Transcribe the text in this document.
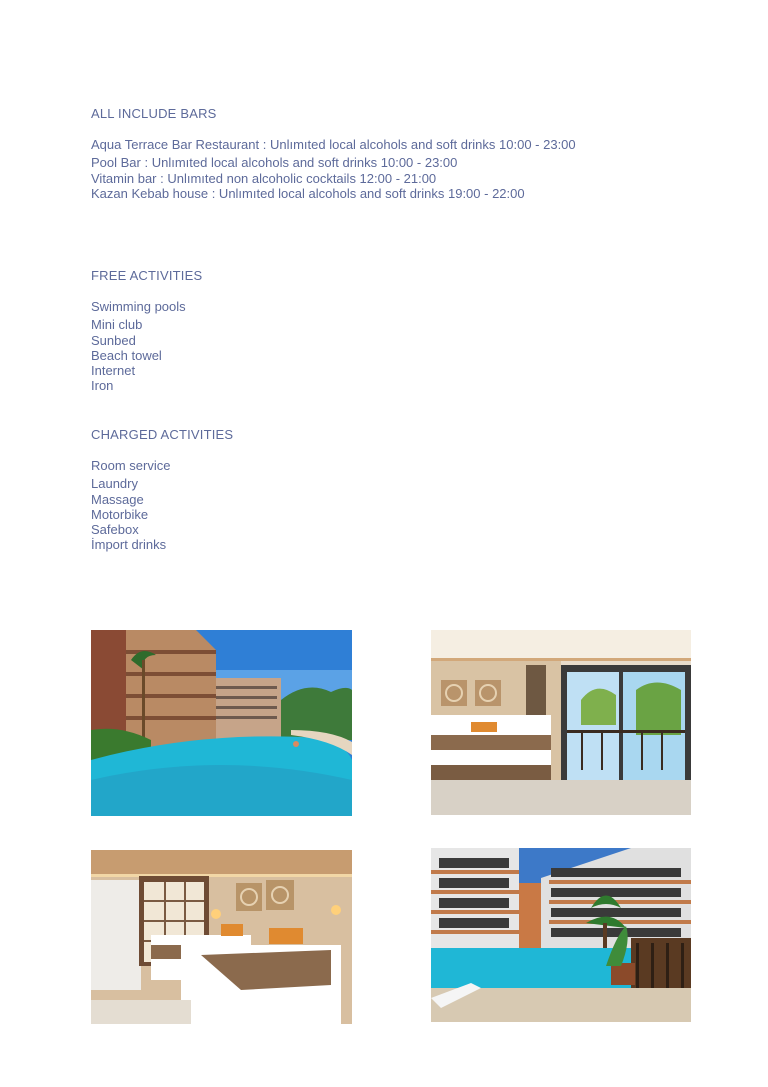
ALL INCLUDE BARS
Aqua Terrace Bar Restaurant : Unlımıted local alcohols and soft drinks 10:00 - 23:00
Pool Bar : Unlımıted local alcohols and soft drinks 10:00 - 23:00
Vitamin bar : Unlımıted non alcoholic cocktails 12:00 - 21:00
Kazan Kebab house : Unlımıted local alcohols and soft drinks 19:00 - 22:00
FREE ACTIVITIES
Swimming pools
Mini club
Sunbed
Beach towel
Internet
Iron
CHARGED ACTIVITIES
Room service
Laundry
Massage
Motorbike
Safebox
İmport drinks
